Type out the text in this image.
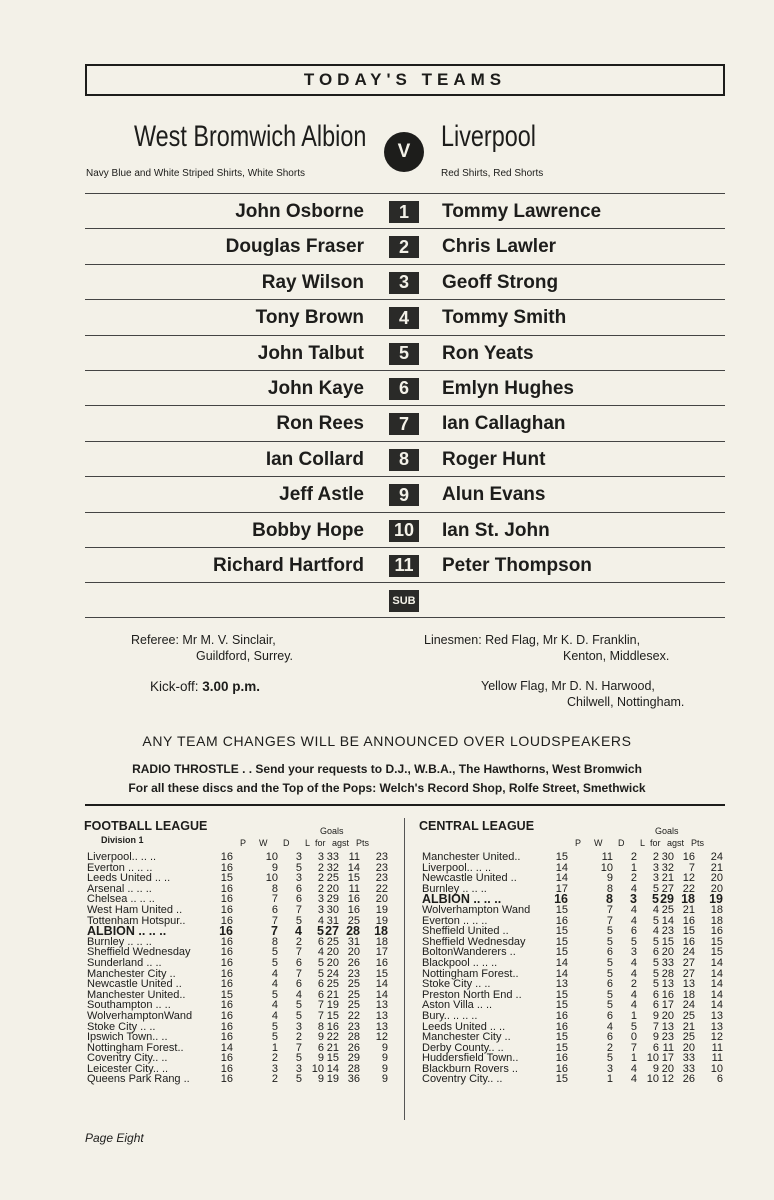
TODAY'S TEAMS
West Bromwich Albion	V	Liverpool
Navy Blue and White Striped Shirts, White Shorts	Red Shirts, Red Shorts
John Osborne	1	Tommy Lawrence
Douglas Fraser	2	Chris Lawler
Ray Wilson	3	Geoff Strong
Tony Brown	4	Tommy Smith
John Talbut	5	Ron Yeats
John Kaye	6	Emlyn Hughes
Ron Rees	7	Ian Callaghan
Ian Collard	8	Roger Hunt
Jeff Astle	9	Alun Evans
Bobby Hope 10 Ian St. John
Richard Hartford	11 Peter Thompson
SUB
Referee: Mr M. V. Sinclair,
Guildford, Surrey.
Linesmen: Red Flag, Mr K. D. Franklin,
Kenton, Middlesex.
Kick-off: 3.00 p.m.	Yellow Flag, Mr D. N. Harwood,
Chilwell, Nottingham.
ANY TEAM CHANGES WILL BE ANNOUNCED OVER LOUDSPEAKERS
RADIO THROSTLE . . Send your requests to D.J., W.B.A., The Hawthorns, West Bromwich
For all these discs and the Top of the Pops: Welch's Record Shop, Rolfe Street, Smethwick
FOOTBALL LEAGUE
Division 1
Goals
P W D L for agst Pts
Liverpool.. .. ..	16	10	3	3 33 11	23
Everton .. .. ..	16	9	5	2 32 14	23
Leeds United .. ..	15	10	3	2 25 15	23
Arsenal .. .. ..	16	8	6	2 20 11	22
Chelsea .. .. ..	16	7	6	3 29 16	20
West Ham United ..	16	6	7	3 30 16	19
Tottenham Hotspur..	16	7	5	4 31 25	19
ALBION .. .. ..	16	7	4	5 27 28 18
Burnley .. .. ..	16	8	2	6 25 31	18
Sheffield Wednesday	16	5	7	4 20 20	17
Sunderland .. ..	16	5	6	5 20 26	16
Manchester City ..	16	4	7	5 24 23	15
Newcastle United ..	16	4	6	6 25 25	14
Manchester United..	15	5	4	6 21 25	14
Southampton .. ..	16	4	5	7 19 25	13
WolverhamptonWand	16	4	5	7 15 22	13
Stoke City .. ..	16	5	3	8 16 23	13
Ipswich Town.. ..	16	5	2	9 22 28	12
Nottingham Forest..	14	1	7	6 21 26	9
Coventry City.. ..	16	2	5	9 15 29	9
Leicester City.. ..	16	3	3 10 14 28	9
Queens Park Rang ..	16	2	5	9 19 36	9
CENTRAL LEAGUE	Goals
P W D L for agst Pts
Manchester United..	15	11	2	2 30 16	24
Liverpool.. .. ..	14	10	1	3 32	7	21
Newcastle United ..	14	9	2	3 21 12	20
Burnley .. .. ..	17	8	4	5 27 22	20
ALBION .. .. ..	16	8	3	5 29 18 19
Wolverhampton Wand	15	7	4	4 25 21	18
Everton .. .. ..	16	7	4	5 14 16	18
Sheffield United ..	15	5	6	4 23 15	16
Sheffield Wednesday	15	5	5	5 15 16	15
BoltonWanderers ..	15	6	3	6 20 24	15
Blackpool .. .. ..	14	5	4	5 33 27	14
Nottingham Forest..	14	5	4	5 28 27	14
Stoke City .. ..	13	6	2	5 13 13	14
Preston North End ..	15	5	4	6 16 18	14
Aston Villa .. ..	15	5	4	6 17 24	14
Bury.. .. .. ..	16	6	1	9 20 25	13
Leeds United .. ..	16	4	5	7 13 21	13
Manchester City ..	15	6	0	9 23 25	12
Derby County.. ..	15	2	7	6 11 20	11
Huddersfield Town..	16	5	1 10 17 33	11
Blackburn Rovers ..	16	3	4	9 20 33	10
Coventry City.. ..	15	1	4 10 12 26	6
Page Eight
